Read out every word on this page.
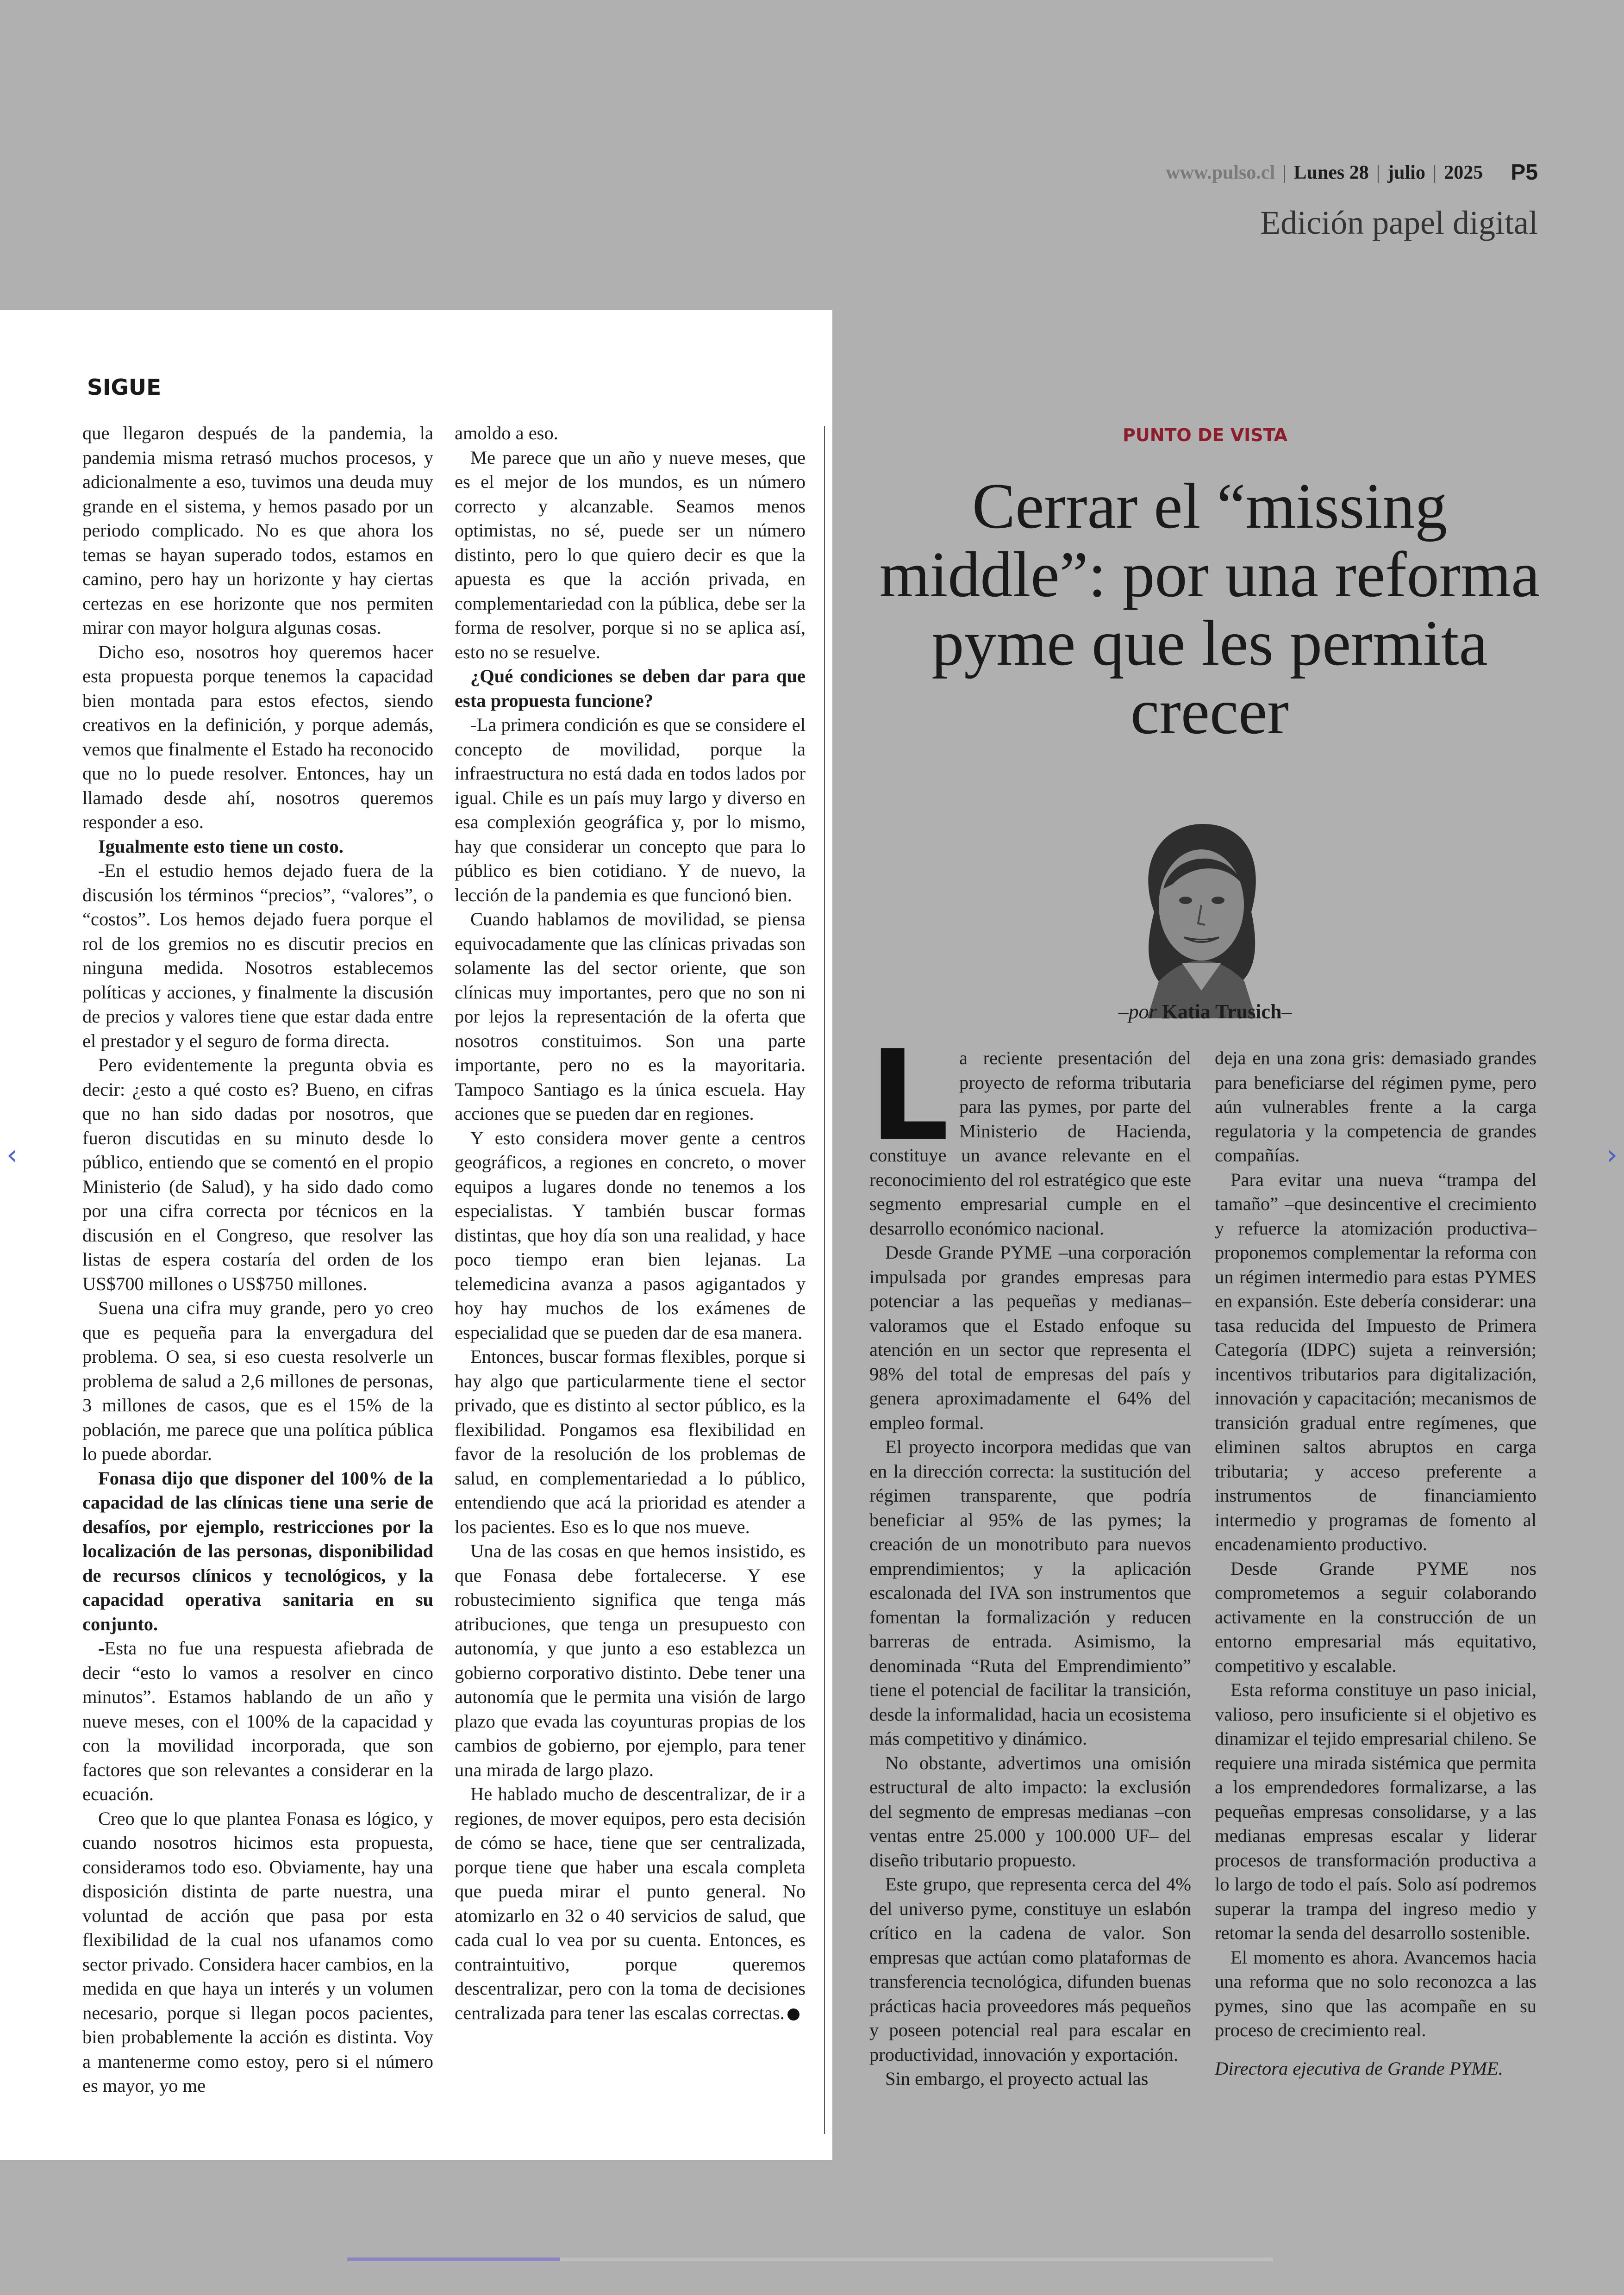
www.pulso.cl | Lunes 28 | julio | 2025 P5
Edición papel digital
SIGUE

que llegaron después de la pandemia, la pandemia misma retrasó muchos procesos, y adicionalmente a eso, tuvimos una deuda muy grande en el sistema, y hemos pasado por un periodo complicado. No es que ahora los temas se hayan superado todos, estamos en camino, pero hay un horizonte y hay ciertas certezas en ese horizonte que nos permiten mirar con mayor holgura algunas cosas.

Dicho eso, nosotros hoy queremos hacer esta propuesta porque tenemos la capacidad bien montada para estos efectos, siendo creativos en la definición, y porque además, vemos que finalmente el Estado ha reconocido que no lo puede resolver. Entonces, hay un llamado desde ahí, nosotros queremos responder a eso.

Igualmente esto tiene un costo.

-En el estudio hemos dejado fuera de la discusión los términos “precios”, “valores”, o “costos”. Los hemos dejado fuera porque el rol de los gremios no es discutir precios en ninguna medida. Nosotros establecemos políticas y acciones, y finalmente la discusión de precios y valores tiene que estar dada entre el prestador y el seguro de forma directa.

Pero evidentemente la pregunta obvia es decir: ¿esto a qué costo es? Bueno, en cifras que no han sido dadas por nosotros, que fueron discutidas en su minuto desde lo público, entiendo que se comentó en el propio Ministerio (de Salud), y ha sido dado como por una cifra correcta por técnicos en la discusión en el Congreso, que resolver las listas de espera costaría del orden de los US$700 millones o US$750 millones.

Suena una cifra muy grande, pero yo creo que es pequeña para la envergadura del problema. O sea, si eso cuesta resolverle un problema de salud a 2,6 millones de personas, 3 millones de casos, que es el 15% de la población, me parece que una política pública lo puede abordar.

Fonasa dijo que disponer del 100% de la capacidad de las clínicas tiene una serie de desafíos, por ejemplo, restricciones por la localización de las personas, disponibilidad de recursos clínicos y tecnológicos, y la capacidad operativa sanitaria en su conjunto.

-Esta no fue una respuesta afiebrada de decir “esto lo vamos a resolver en cinco minutos”. Estamos hablando de un año y nueve meses, con el 100% de la capacidad y con la movilidad incorporada, que son factores que son relevantes a considerar en la ecuación.

Creo que lo que plantea Fonasa es lógico, y cuando nosotros hicimos esta propuesta, consideramos todo eso. Obviamente, hay una disposición distinta de parte nuestra, una voluntad de acción que pasa por esta flexibilidad de la cual nos ufanamos como sector privado. Considera hacer cambios, en la medida en que haya un interés y un volumen necesario, porque si llegan pocos pacientes, bien probablemente la acción es distinta. Voy a mantenerme como estoy, pero si el número es mayor, yo me

amoldo a eso.

Me parece que un año y nueve meses, que es el mejor de los mundos, es un número correcto y alcanzable. Seamos menos optimistas, no sé, puede ser un número distinto, pero lo que quiero decir es que la apuesta es que la acción privada, en complementariedad con la pública, debe ser la forma de resolver, porque si no se aplica así, esto no se resuelve.

¿Qué condiciones se deben dar para que esta propuesta funcione?

-La primera condición es que se considere el concepto de movilidad, porque la infraestructura no está dada en todos lados por igual. Chile es un país muy largo y diverso en esa complexión geográfica y, por lo mismo, hay que considerar un concepto que para lo público es bien cotidiano. Y de nuevo, la lección de la pandemia es que funcionó bien.

Cuando hablamos de movilidad, se piensa equivocadamente que las clínicas privadas son solamente las del sector oriente, que son clínicas muy importantes, pero que no son ni por lejos la representación de la oferta que nosotros constituimos. Son una parte importante, pero no es la mayoritaria. Tampoco Santiago es la única escuela. Hay acciones que se pueden dar en regiones.

Y esto considera mover gente a centros geográficos, a regiones en concreto, o mover equipos a lugares donde no tenemos a los especialistas. Y también buscar formas distintas, que hoy día son una realidad, y hace poco tiempo eran bien lejanas. La telemedicina avanza a pasos agigantados y hoy hay muchos de los exámenes de especialidad que se pueden dar de esa manera.

Entonces, buscar formas flexibles, porque si hay algo que particularmente tiene el sector privado, que es distinto al sector público, es la flexibilidad. Pongamos esa flexibilidad en favor de la resolución de los problemas de salud, en complementariedad a lo público, entendiendo que acá la prioridad es atender a los pacientes. Eso es lo que nos mueve.

Una de las cosas en que hemos insistido, es que Fonasa debe fortalecerse. Y ese robustecimiento significa que tenga más atribuciones, que tenga un presupuesto con autonomía, y que junto a eso establezca un gobierno corporativo distinto. Debe tener una autonomía que le permita una visión de largo plazo que evada las coyunturas propias de los cambios de gobierno, por ejemplo, para tener una mirada de largo plazo.

He hablado mucho de descentralizar, de ir a regiones, de mover equipos, pero esta decisión de cómo se hace, tiene que ser centralizada, porque tiene que haber una escala completa que pueda mirar el punto general. No atomizarlo en 32 o 40 servicios de salud, que cada cual lo vea por su cuenta. Entonces, es contraintuitivo, porque queremos descentralizar, pero con la toma de decisiones centralizada para tener las escalas correctas.

PUNTO DE VISTA
Cerrar el “missing middle”: por una reforma pyme que les permita crecer
–por Katia Trusich–

La reciente presentación del proyecto de reforma tributaria para las pymes, por parte del Ministerio de Hacienda, constituye un avance relevante en el reconocimiento del rol estratégico que este segmento empresarial cumple en el desarrollo económico nacional.

Desde Grande PYME –una corporación impulsada por grandes empresas para potenciar a las pequeñas y medianas– valoramos que el Estado enfoque su atención en un sector que representa el 98% del total de empresas del país y genera aproximadamente el 64% del empleo formal.

El proyecto incorpora medidas que van en la dirección correcta: la sustitución del régimen transparente, que podría beneficiar al 95% de las pymes; la creación de un monotributo para nuevos emprendimientos; y la aplicación escalonada del IVA son instrumentos que fomentan la formalización y reducen barreras de entrada. Asimismo, la denominada “Ruta del Emprendimiento” tiene el potencial de facilitar la transición, desde la informalidad, hacia un ecosistema más competitivo y dinámico.

No obstante, advertimos una omisión estructural de alto impacto: la exclusión del segmento de empresas medianas –con ventas entre 25.000 y 100.000 UF– del diseño tributario propuesto.

Este grupo, que representa cerca del 4% del universo pyme, constituye un eslabón crítico en la cadena de valor. Son empresas que actúan como plataformas de transferencia tecnológica, difunden buenas prácticas hacia proveedores más pequeños y poseen potencial real para escalar en productividad, innovación y exportación.

Sin embargo, el proyecto actual las

deja en una zona gris: demasiado grandes para beneficiarse del régimen pyme, pero aún vulnerables frente a la carga regulatoria y la competencia de grandes compañías.

Para evitar una nueva “trampa del tamaño” –que desincentive el crecimiento y refuerce la atomización productiva– proponemos complementar la reforma con un régimen intermedio para estas PYMES en expansión. Este debería considerar: una tasa reducida del Impuesto de Primera Categoría (IDPC) sujeta a reinversión; incentivos tributarios para digitalización, innovación y capacitación; mecanismos de transición gradual entre regímenes, que eliminen saltos abruptos en carga tributaria; y acceso preferente a instrumentos de financiamiento intermedio y programas de fomento al encadenamiento productivo.

Desde Grande PYME nos comprometemos a seguir colaborando activamente en la construcción de un entorno empresarial más equitativo, competitivo y escalable.

Esta reforma constituye un paso inicial, valioso, pero insuficiente si el objetivo es dinamizar el tejido empresarial chileno. Se requiere una mirada sistémica que permita a los emprendedores formalizarse, a las pequeñas empresas consolidarse, y a las medianas empresas escalar y liderar procesos de transformación productiva a lo largo de todo el país. Solo así podremos superar la trampa del ingreso medio y retomar la senda del desarrollo sostenible.

El momento es ahora. Avancemos hacia una reforma que no solo reconozca a las pymes, sino que las acompañe en su proceso de crecimiento real.

Directora ejecutiva de Grande PYME.

‹	›
